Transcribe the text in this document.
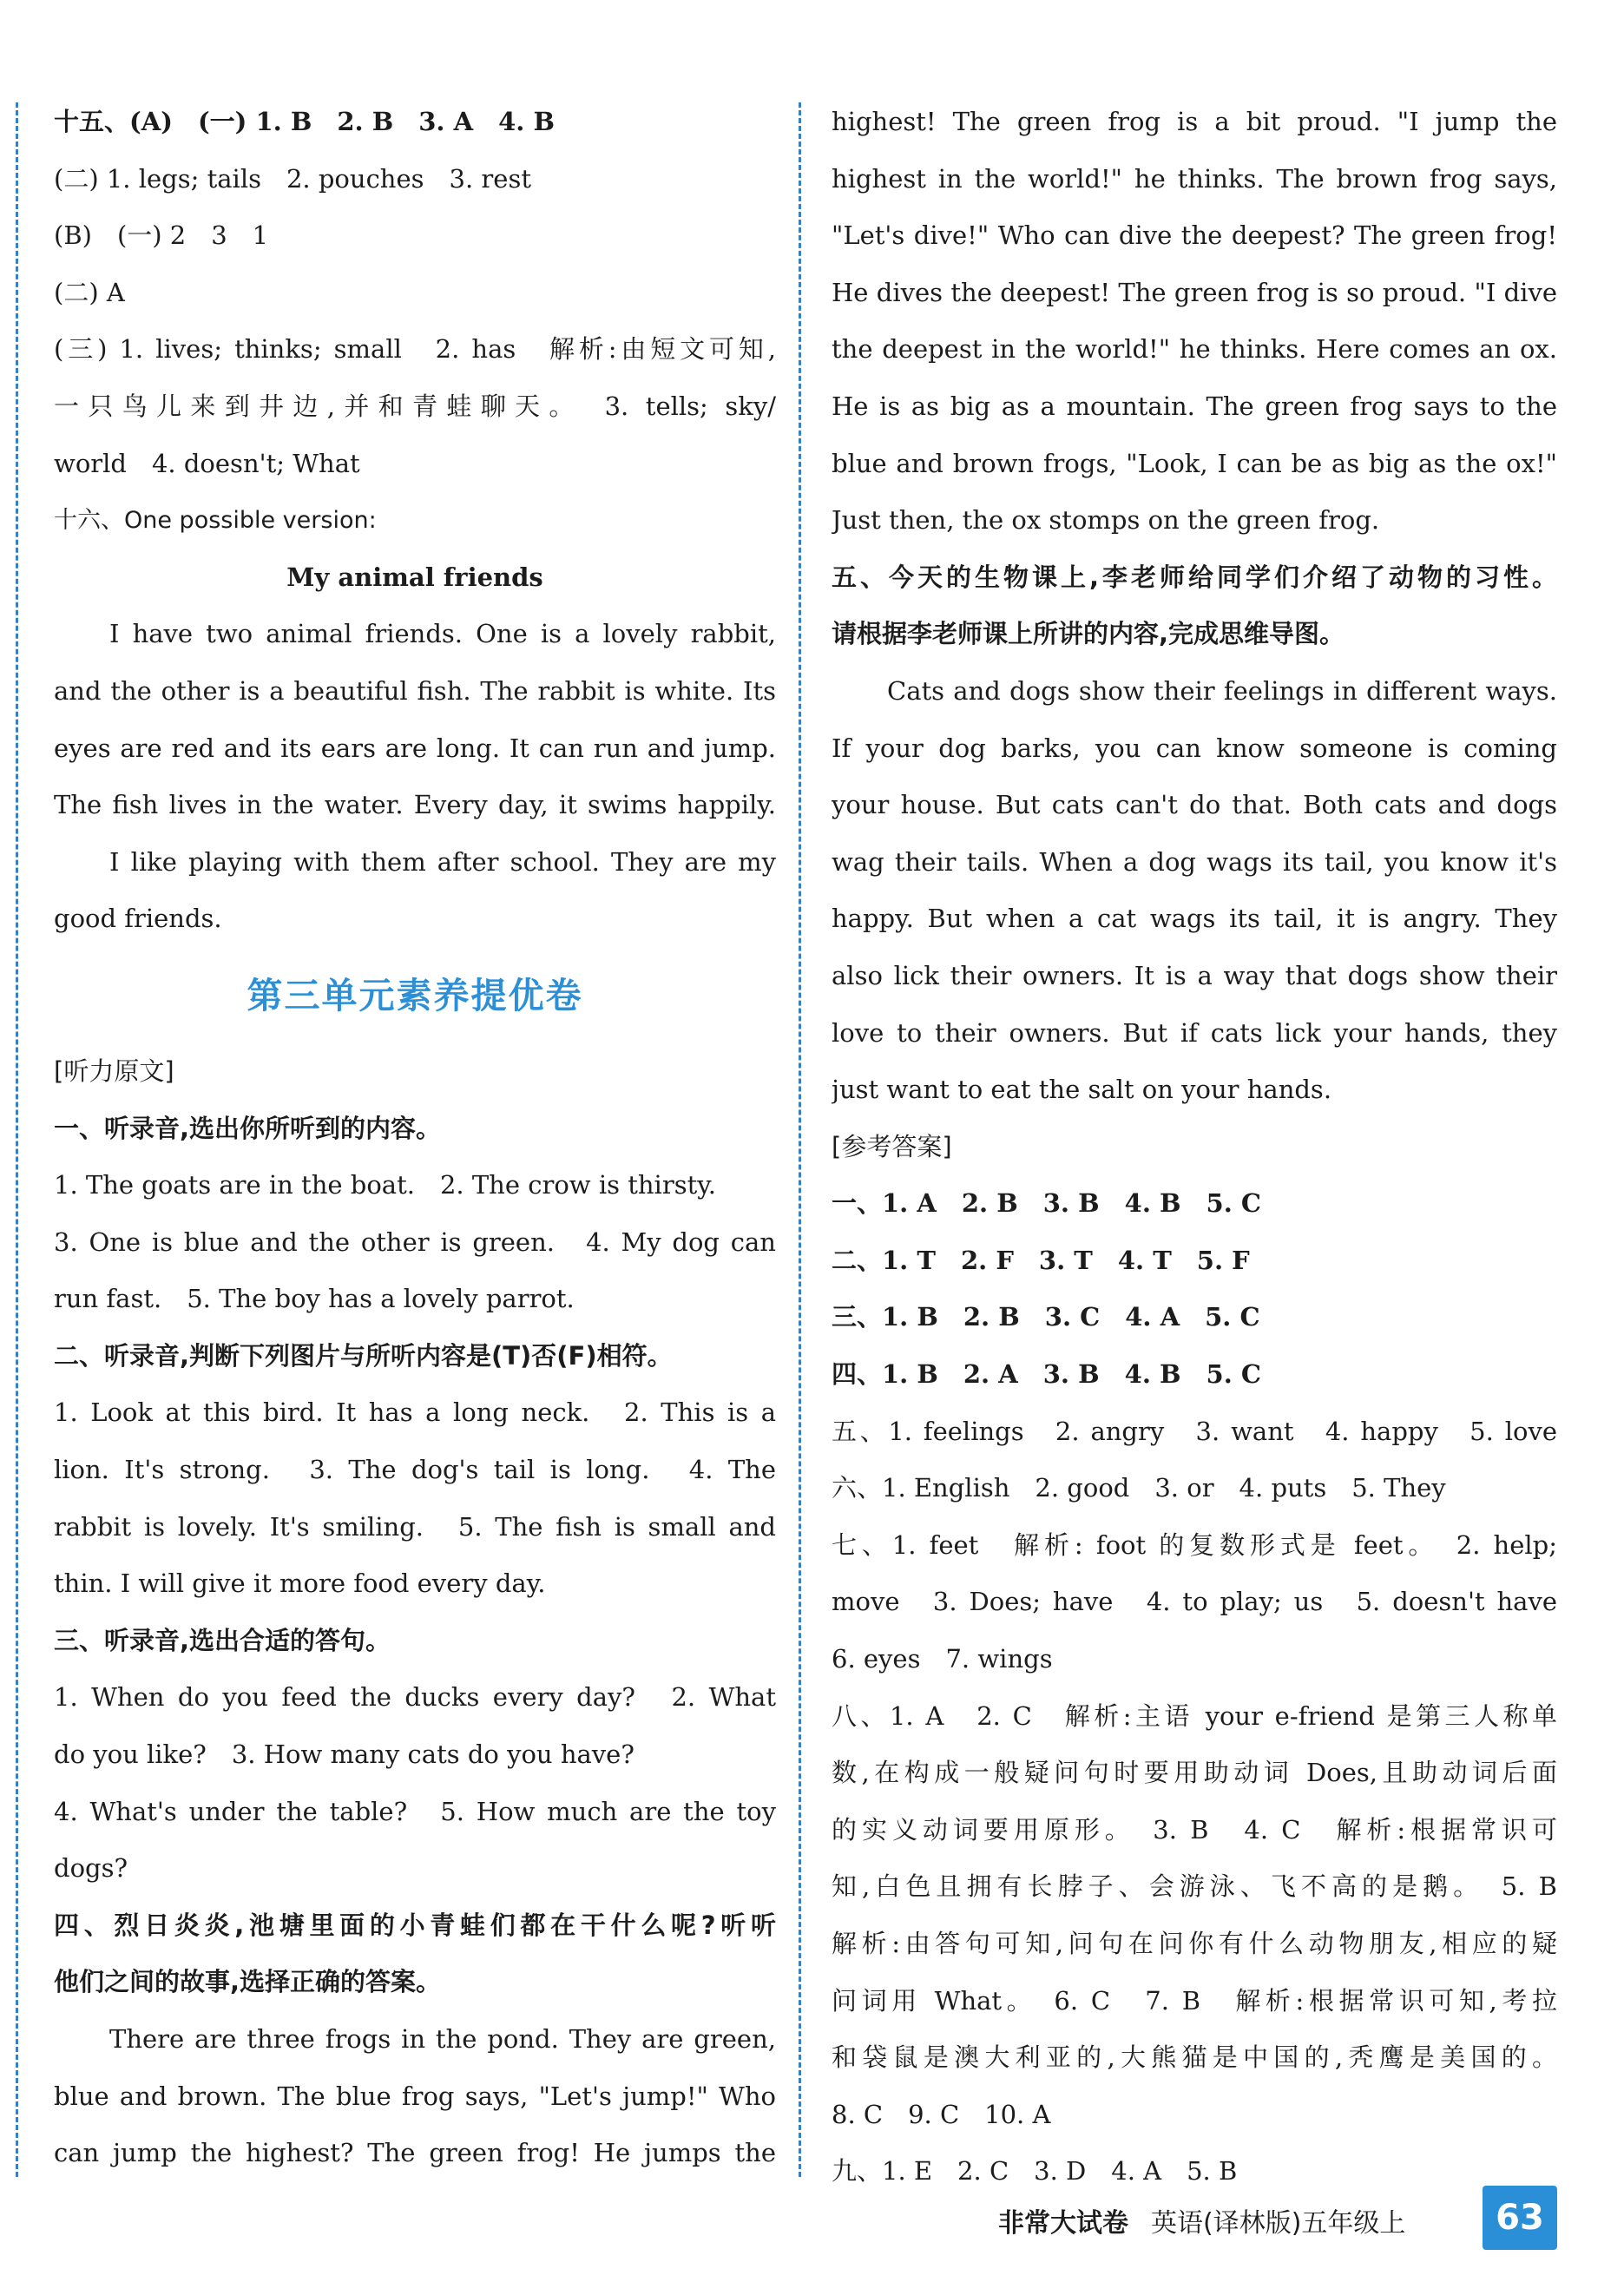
十五、(A)　(一) 1. B　2. B　3. A　4. B
(二) 1. legs; tails　2. pouches　3. rest
(B)　(一) 2　3　1
(二) A
(三) 1. lives; thinks; small　2. has　解析:由短文可知,
一只鸟儿来到井边,并和青蛙聊天。　3. tells; sky/
world　4. doesn't; What
十六、One possible version:
My animal friends
I have two animal friends. One is a lovely rabbit,
and the other is a beautiful fish. The rabbit is white. Its
eyes are red and its ears are long. It can run and jump.
The fish lives in the water. Every day, it swims happily.
I like playing with them after school. They are my
good friends.
第三单元素养提优卷
[听力原文]
一、听录音,选出你所听到的内容。
1. The goats are in the boat.　2. The crow is thirsty.
3. One is blue and the other is green.　4. My dog can
run fast.　5. The boy has a lovely parrot.
二、听录音,判断下列图片与所听内容是(T)否(F)相符。
1. Look at this bird. It has a long neck.　2. This is a
lion. It's strong.　3. The dog's tail is long.　4. The
rabbit is lovely. It's smiling.　5. The fish is small and
thin. I will give it more food every day.
三、听录音,选出合适的答句。
1. When do you feed the ducks every day?　2. What
do you like?　3. How many cats do you have?
4. What's under the table?　5. How much are the toy
dogs?
四、烈日炎炎,池塘里面的小青蛙们都在干什么呢?听听
他们之间的故事,选择正确的答案。
There are three frogs in the pond. They are green,
blue and brown. The blue frog says, "Let's jump!" Who
can jump the highest? The green frog! He jumps the
highest! The green frog is a bit proud. "I jump the
highest in the world!" he thinks. The brown frog says,
"Let's dive!" Who can dive the deepest? The green frog!
He dives the deepest! The green frog is so proud. "I dive
the deepest in the world!" he thinks. Here comes an ox.
He is as big as a mountain. The green frog says to the
blue and brown frogs, "Look, I can be as big as the ox!"
Just then, the ox stomps on the green frog.
五、今天的生物课上,李老师给同学们介绍了动物的习性。
请根据李老师课上所讲的内容,完成思维导图。
Cats and dogs show their feelings in different ways.
If your dog barks, you can know someone is coming
your house. But cats can't do that. Both cats and dogs
wag their tails. When a dog wags its tail, you know it's
happy. But when a cat wags its tail, it is angry. They
also lick their owners. It is a way that dogs show their
love to their owners. But if cats lick your hands, they
just want to eat the salt on your hands.
[参考答案]
一、1. A　2. B　3. B　4. B　5. C
二、1. T　2. F　3. T　4. T　5. F
三、1. B　2. B　3. C　4. A　5. C
四、1. B　2. A　3. B　4. B　5. C
五、1. feelings　2. angry　3. want　4. happy　5. love
六、1. English　2. good　3. or　4. puts　5. They
七、1. feet　解析: foot 的复数形式是 feet。　2. help;
move　3. Does; have　4. to play; us　5. doesn't have
6. eyes　7. wings
八、1. A　2. C　解析:主语 your e-friend 是第三人称单
数,在构成一般疑问句时要用助动词 Does,且助动词后面
的实义动词要用原形。　3. B　4. C　解析:根据常识可
知,白色且拥有长脖子、会游泳、飞不高的是鹅。　5. B
解析:由答句可知,问句在问你有什么动物朋友,相应的疑
问词用 What。　6. C　7. B　解析:根据常识可知,考拉
和袋鼠是澳大利亚的,大熊猫是中国的,秃鹰是美国的。
8. C　9. C　10. A
九、1. E　2. C　3. D　4. A　5. B
非常大试卷 英语(译林版)五年级上	63
